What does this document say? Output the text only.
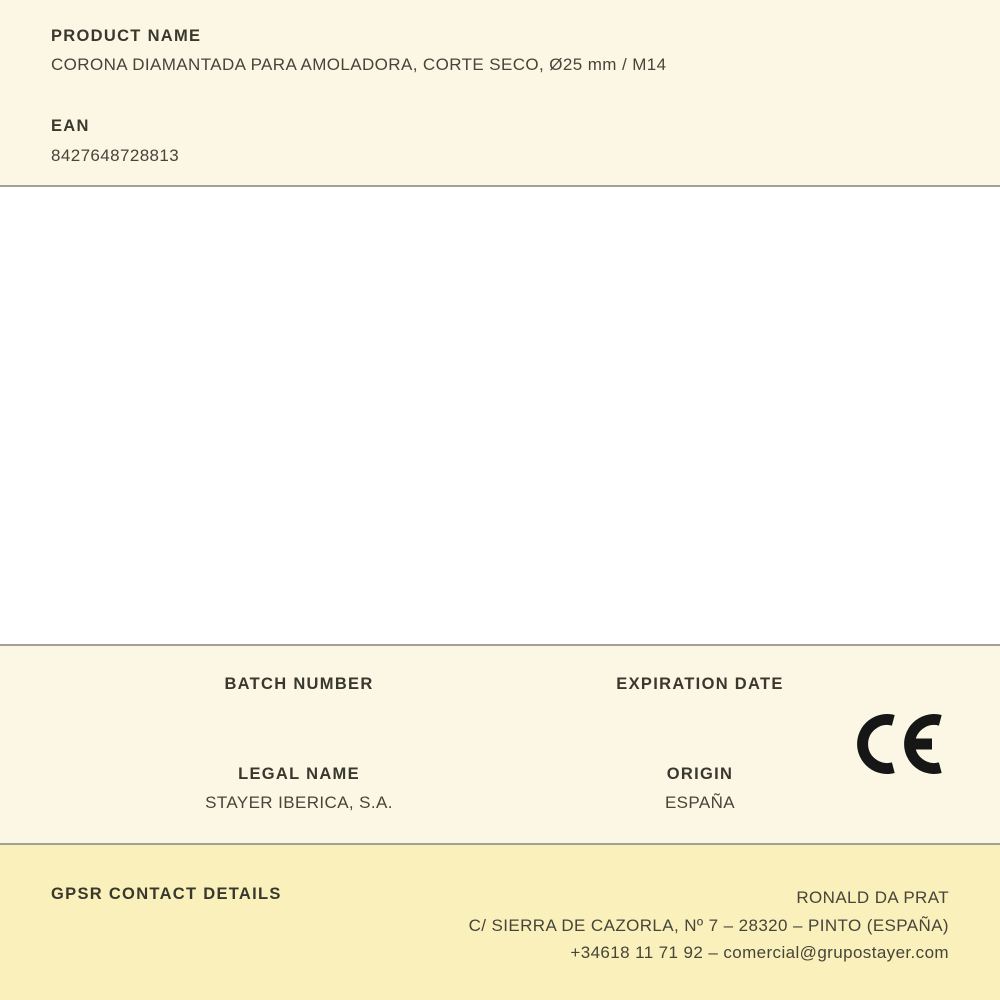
PRODUCT NAME
CORONA DIAMANTADA PARA AMOLADORA, CORTE SECO, Ø25 mm / M14
EAN
8427648728813
BATCH NUMBER	EXPIRATION DATE
LEGAL NAME
STAYER IBERICA, S.A.
ORIGIN
ESPAÑA
GPSR CONTACT DETAILS	RONALD DA PRAT
C/ SIERRA DE CAZORLA, Nº 7 – 28320 – PINTO (ESPAÑA)
+34618 11 71 92 – comercial@grupostayer.com
